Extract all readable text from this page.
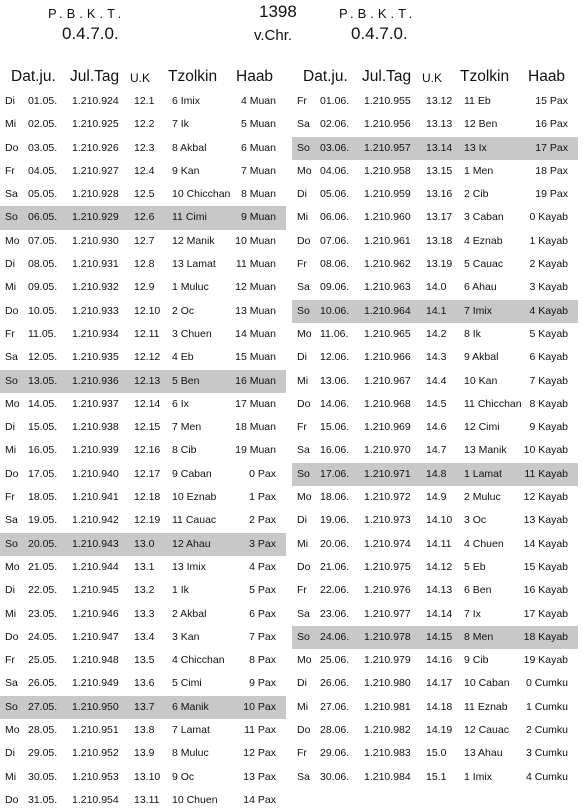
P.B.K.T.
0.4.7.0.
1398
v.Chr.
P.B.K.T.
0.4.7.0.
Dat.ju. Jul.Tag U.K Tzolkin Haab
Di 01.05. 1.210.924 12.1 6 Imix	4 Muan
Mi 02.05. 1.210.925 12.2 7 Ik	5 Muan
Do 03.05. 1.210.926 12.3 8 Akbal	6 Muan
Fr 04.05. 1.210.927 12.4 9 Kan	7 Muan
Sa 05.05. 1.210.928 12.5 10 Chicchan 8 Muan
So 06.05. 1.210.929 12.6 11 Cimi	9 Muan
Mo 07.05. 1.210.930 12.7 12 Manik 10 Muan
Di 08.05. 1.210.931 12.8 13 Lamat 11 Muan
Mi 09.05. 1.210.932 12.9 1 Muluc	12 Muan
Do 10.05. 1.210.933 12.10 2 Oc	13 Muan
Fr 11.05. 1.210.934 12.11 3 Chuen 14 Muan
Sa 12.05. 1.210.935 12.12 4 Eb	15 Muan
So 13.05. 1.210.936 12.13 5 Ben	16 Muan
Mo 14.05. 1.210.937 12.14 6 Ix	17 Muan
Di 15.05. 1.210.938 12.15 7 Men	18 Muan
Mi 16.05. 1.210.939 12.16 8 Cib	19 Muan
Do 17.05. 1.210.940 12.17 9 Caban	0 Pax
Fr 18.05. 1.210.941 12.18 10 Eznab	1 Pax
Sa 19.05. 1.210.942 12.19 11 Cauac	2 Pax
So 20.05. 1.210.943 13.0 12 Ahau	3 Pax
Mo 21.05. 1.210.944 13.1 13 Imix	4 Pax
Di 22.05. 1.210.945 13.2 1 Ik	5 Pax
Mi 23.05. 1.210.946 13.3 2 Akbal	6 Pax
Do 24.05. 1.210.947 13.4 3 Kan	7 Pax
Fr 25.05. 1.210.948 13.5 4 Chicchan 8 Pax
Sa 26.05. 1.210.949 13.6 5 Cimi	9 Pax
So 27.05. 1.210.950 13.7 6 Manik	10 Pax
Mo 28.05. 1.210.951 13.8 7 Lamat	11 Pax
Di 29.05. 1.210.952 13.9 8 Muluc	12 Pax
Mi 30.05. 1.210.953 13.10 9 Oc	13 Pax
Do 31.05. 1.210.954 13.11 10 Chuen 14 Pax
Dat.ju. Jul.Tag U.K Tzolkin Haab
Fr 01.06. 1.210.955 13.12 11 Eb	15 Pax
Sa 02.06. 1.210.956 13.13 12 Ben	16 Pax
So 03.06. 1.210.957 13.14 13 Ix	17 Pax
Mo 04.06. 1.210.958 13.15 1 Men	18 Pax
Di 05.06. 1.210.959 13.16 2 Cib	19 Pax
Mi 06.06. 1.210.960 13.17 3 Caban 0 Kayab
Do 07.06. 1.210.961 13.18 4 Eznab	1 Kayab
Fr 08.06. 1.210.962 13.19 5 Cauac	2 Kayab
Sa 09.06. 1.210.963 14.0 6 Ahau	3 Kayab
So 10.06. 1.210.964 14.1 7 Imix	4 Kayab
Mo 11.06. 1.210.965 14.2 8 Ik	5 Kayab
Di 12.06. 1.210.966 14.3 9 Akbal	6 Kayab
Mi 13.06. 1.210.967 14.4 10 Kan	7 Kayab
Do 14.06. 1.210.968 14.5 11 Chicchan 8 Kayab
Fr 15.06. 1.210.969 14.6 12 Cimi	9 Kayab
Sa 16.06. 1.210.970 14.7 13 Manik 10 Kayab
So 17.06. 1.210.971 14.8 1 Lamat 11 Kayab
Mo 18.06. 1.210.972 14.9 2 Muluc 12 Kayab
Di 19.06. 1.210.973 14.10 3 Oc	13 Kayab
Mi 20.06. 1.210.974 14.11 4 Chuen 14 Kayab
Do 21.06. 1.210.975 14.12 5 Eb	15 Kayab
Fr 22.06. 1.210.976 14.13 6 Ben	16 Kayab
Sa 23.06. 1.210.977 14.14 7 Ix	17 Kayab
So 24.06. 1.210.978 14.15 8 Men	18 Kayab
Mo 25.06. 1.210.979 14.16 9 Cib	19 Kayab
Di 26.06. 1.210.980 14.17 10 Caban 0 Cumku
Mi 27.06. 1.210.981 14.18 11 Eznab 1 Cumku
Do 28.06. 1.210.982 14.19 12 Cauac 2 Cumku
Fr 29.06. 1.210.983 15.0 13 Ahau 3 Cumku
Sa 30.06. 1.210.984 15.1 1 Imix	4 Cumku
